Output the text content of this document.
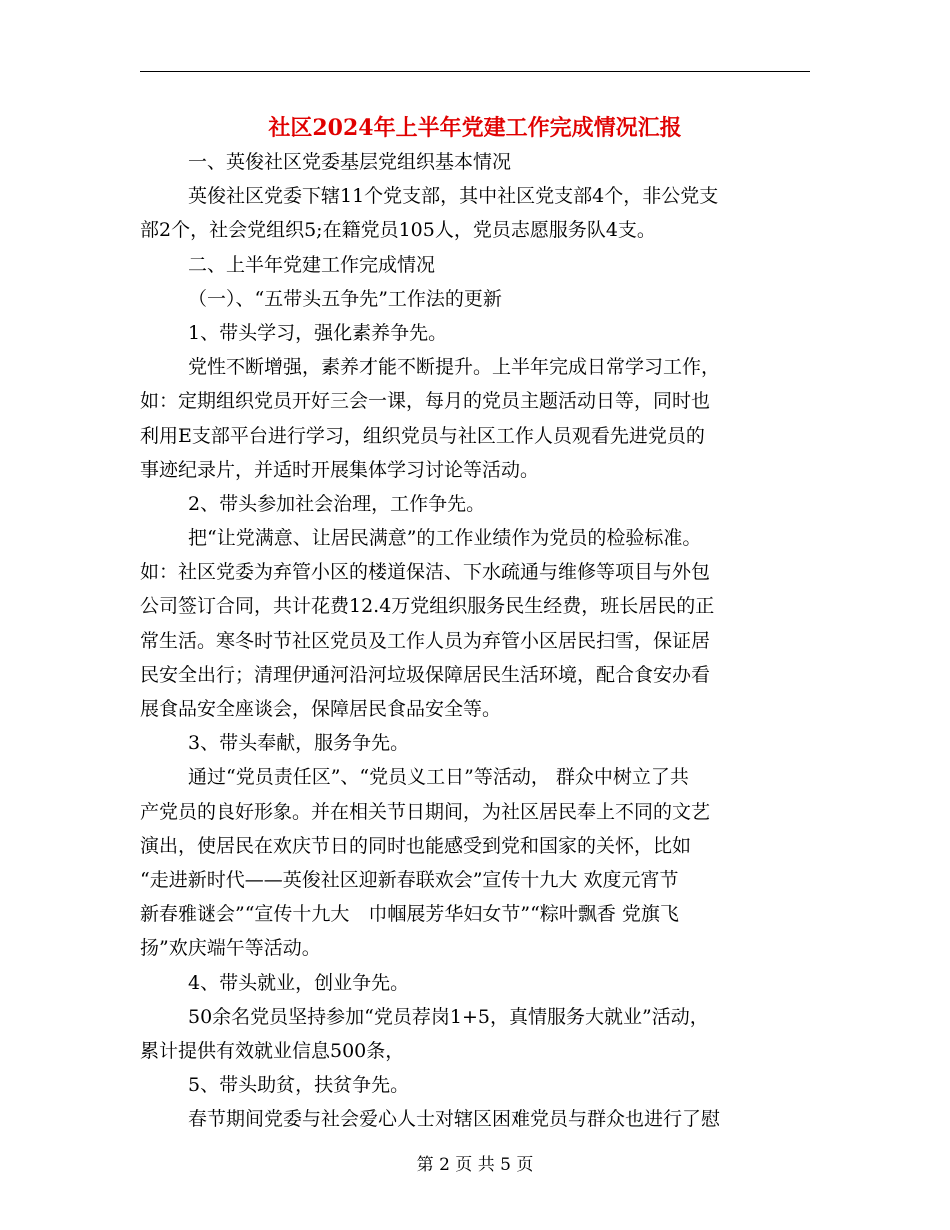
社区2024年上半年党建工作完成情况汇报
一、英俊社区党委基层党组织基本情况
英俊社区党委下辖11个党支部，其中社区党支部4个，非公党支
部2个，社会党组织5;在籍党员105人，党员志愿服务队4支。
二、上半年党建工作完成情况
（一）、“五带头五争先”工作法的更新
1、带头学习，强化素养争先。
党性不断增强，素养才能不断提升。上半年完成日常学习工作，
如：定期组织党员开好三会一课，每月的党员主题活动日等，同时也
利用E支部平台进行学习，组织党员与社区工作人员观看先进党员的
事迹纪录片，并适时开展集体学习讨论等活动。
2、带头参加社会治理，工作争先。
把“让党满意、让居民满意”的工作业绩作为党员的检验标准。
如：社区党委为弃管小区的楼道保洁、下水疏通与维修等项目与外包
公司签订合同，共计花费12.4万党组织服务民生经费，班长居民的正
常生活。寒冬时节社区党员及工作人员为弃管小区居民扫雪，保证居
民安全出行；清理伊通河沿河垃圾保障居民生活环境，配合食安办看
展食品安全座谈会，保障居民食品安全等。
3、带头奉献，服务争先。
通过“党员责任区”、“党员义工日”等活动， 群众中树立了共
产党员的良好形象。并在相关节日期间，为社区居民奉上不同的文艺
演出，使居民在欢庆节日的同时也能感受到党和国家的关怀，比如
“走进新时代——英俊社区迎新春联欢会”宣传十九大 欢度元宵节
新春雅谜会”“宣传十九大　巾帼展芳华妇女节”“粽叶飘香 党旗飞
扬”欢庆端午等活动。
4、带头就业，创业争先。
50余名党员坚持参加“党员荐岗1+5，真情服务大就业”活动，
累计提供有效就业信息500条，
5、带头助贫，扶贫争先。
春节期间党委与社会爱心人士对辖区困难党员与群众也进行了慰
第 2 页 共 5 页
